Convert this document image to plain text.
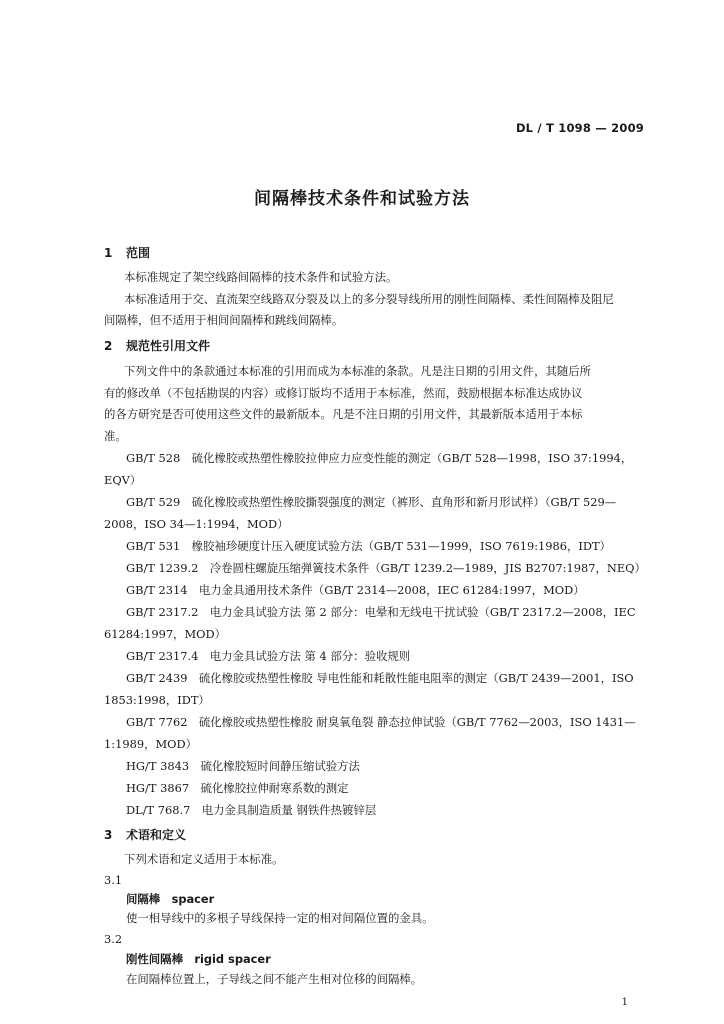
DL / T 1098 — 2009
间隔棒技术条件和试验方法
1 范围
本标准规定了架空线路间隔棒的技术条件和试验方法。
本标准适用于交、直流架空线路双分裂及以上的多分裂导线所用的刚性间隔棒、柔性间隔棒及阻尼
间隔棒，但不适用于相间间隔棒和跳线间隔棒。
2 规范性引用文件
下列文件中的条款通过本标准的引用而成为本标准的条款。凡是注日期的引用文件，其随后所
有的修改单（不包括勘误的内容）或修订版均不适用于本标准，然而，鼓励根据本标准达成协议
的各方研究是否可使用这些文件的最新版本。凡是不注日期的引用文件，其最新版本适用于本标
准。
GB/T 528　硫化橡胶或热塑性橡胶拉伸应力应变性能的测定（GB/T 528—1998，ISO 37:1994，
EQV）
GB/T 529　硫化橡胶或热塑性橡胶撕裂强度的测定（裤形、直角形和新月形试样）（GB/T 529—
2008，ISO 34—1:1994，MOD）
GB/T 531　橡胶袖珍硬度计压入硬度试验方法（GB/T 531—1999，ISO 7619:1986，IDT）
GB/T 1239.2　冷卷圆柱螺旋压缩弹簧技术条件（GB/T 1239.2—1989，JIS B2707:1987，NEQ）
GB/T 2314　电力金具通用技术条件（GB/T 2314—2008，IEC 61284:1997，MOD）
GB/T 2317.2　电力金具试验方法 第 2 部分：电晕和无线电干扰试验（GB/T 2317.2—2008，IEC
61284:1997，MOD）
GB/T 2317.4　电力金具试验方法 第 4 部分：验收规则
GB/T 2439　硫化橡胶或热塑性橡胶 导电性能和耗散性能电阻率的测定（GB/T 2439—2001，ISO
1853:1998，IDT）
GB/T 7762　硫化橡胶或热塑性橡胶 耐臭氧龟裂 静态拉伸试验（GB/T 7762—2003，ISO 1431—
1:1989，MOD）
HG/T 3843　硫化橡胶短时间静压缩试验方法
HG/T 3867　硫化橡胶拉伸耐寒系数的测定
DL/T 768.7　电力金具制造质量 钢铁件热镀锌层
3 术语和定义
下列术语和定义适用于本标准。
3.1
间隔棒　spacer
使一相导线中的多根子导线保持一定的相对间隔位置的金具。
3.2
刚性间隔棒　rigid spacer
在间隔棒位置上，子导线之间不能产生相对位移的间隔棒。
1
